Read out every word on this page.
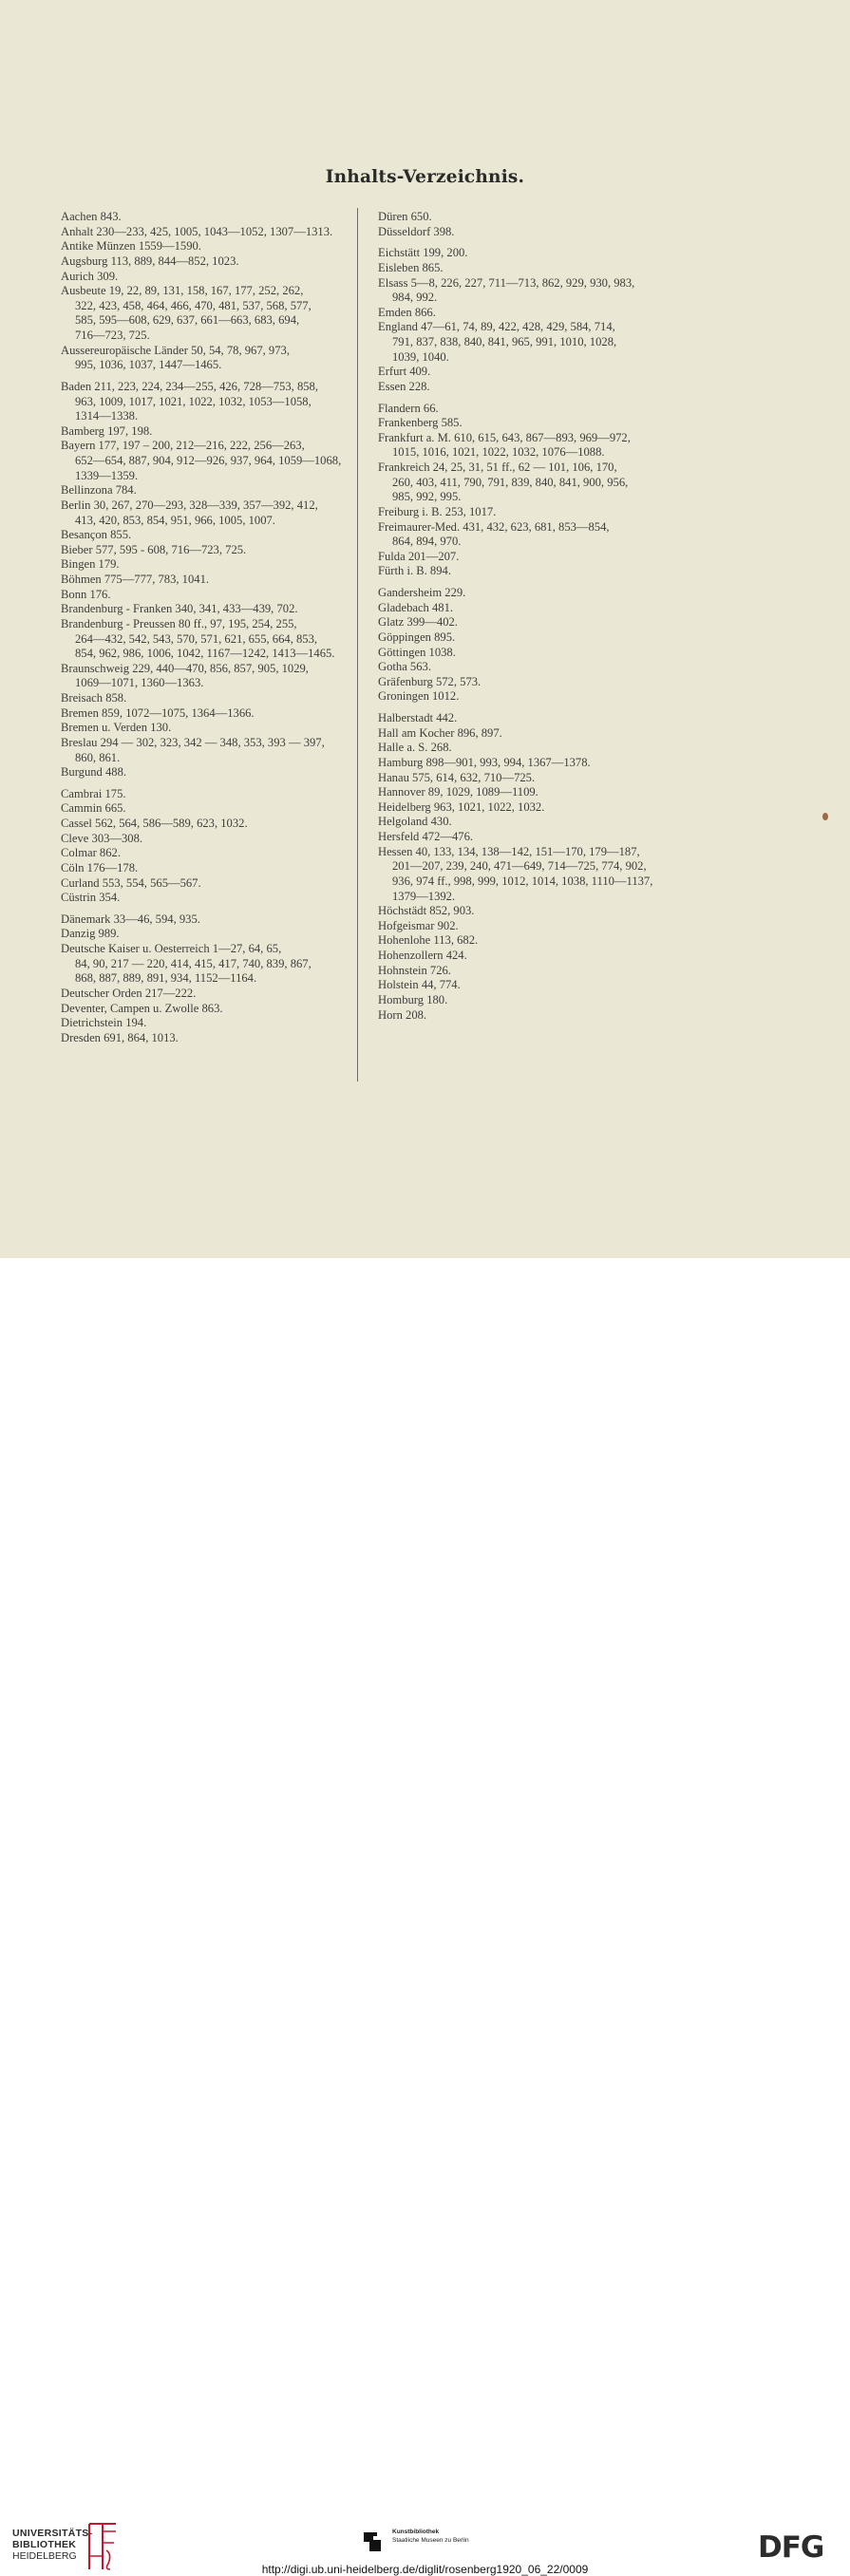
Inhalts-Verzeichnis.
Aachen 843.
Anhalt 230—233, 425, 1005, 1043—1052, 1307—1313.
Antike Münzen 1559—1590.
Augsburg 113, 889, 844—852, 1023.
Aurich 309.
Ausbeute 19, 22, 89, 131, 158, 167, 177, 252, 262,
322, 423, 458, 464, 466, 470, 481, 537, 568, 577,
585, 595—608, 629, 637, 661—663, 683, 694,
716—723, 725.
Aussereuropäische Länder 50, 54, 78, 967, 973,
995, 1036, 1037, 1447—1465.
Baden 211, 223, 224, 234—255, 426, 728—753, 858,
963, 1009, 1017, 1021, 1022, 1032, 1053—1058,
1314—1338.
Bamberg 197, 198.
Bayern 177, 197 – 200, 212—216, 222, 256—263,
652—654, 887, 904, 912—926, 937, 964, 1059—1068,
1339—1359.
Bellinzona 784.
Berlin 30, 267, 270—293, 328—339, 357—392, 412,
413, 420, 853, 854, 951, 966, 1005, 1007.
Besançon 855.
Bieber 577, 595 - 608, 716—723, 725.
Bingen 179.
Böhmen 775—777, 783, 1041.
Bonn 176.
Brandenburg - Franken 340, 341, 433—439, 702.
Brandenburg - Preussen 80 ff., 97, 195, 254, 255,
264—432, 542, 543, 570, 571, 621, 655, 664, 853,
854, 962, 986, 1006, 1042, 1167—1242, 1413—1465.
Braunschweig 229, 440—470, 856, 857, 905, 1029,
1069—1071, 1360—1363.
Breisach 858.
Bremen 859, 1072—1075, 1364—1366.
Bremen u. Verden 130.
Breslau 294 — 302, 323, 342 — 348, 353, 393 — 397,
860, 861.
Burgund 488.
Cambrai 175.
Cammin 665.
Cassel 562, 564, 586—589, 623, 1032.
Cleve 303—308.
Colmar 862.
Cöln 176—178.
Curland 553, 554, 565—567.
Cüstrin 354.
Dänemark 33—46, 594, 935.
Danzig 989.
Deutsche Kaiser u. Oesterreich 1—27, 64, 65,
84, 90, 217 — 220, 414, 415, 417, 740, 839, 867,
868, 887, 889, 891, 934, 1152—1164.
Deutscher Orden 217—222.
Deventer, Campen u. Zwolle 863.
Dietrichstein 194.
Dresden 691, 864, 1013.
Düren 650.
Düsseldorf 398.
Eichstätt 199, 200.
Eisleben 865.
Elsass 5—8, 226, 227, 711—713, 862, 929, 930, 983,
984, 992.
Emden 866.
England 47—61, 74, 89, 422, 428, 429, 584, 714,
791, 837, 838, 840, 841, 965, 991, 1010, 1028,
1039, 1040.
Erfurt 409.
Essen 228.
Flandern 66.
Frankenberg 585.
Frankfurt a. M. 610, 615, 643, 867—893, 969—972,
1015, 1016, 1021, 1022, 1032, 1076—1088.
Frankreich 24, 25, 31, 51 ff., 62 — 101, 106, 170,
260, 403, 411, 790, 791, 839, 840, 841, 900, 956,
985, 992, 995.
Freiburg i. B. 253, 1017.
Freimaurer-Med. 431, 432, 623, 681, 853—854,
864, 894, 970.
Fulda 201—207.
Fürth i. B. 894.
Gandersheim 229.
Gladebach 481.
Glatz 399—402.
Göppingen 895.
Göttingen 1038.
Gotha 563.
Gräfenburg 572, 573.
Groningen 1012.
Halberstadt 442.
Hall am Kocher 896, 897.
Halle a. S. 268.
Hamburg 898—901, 993, 994, 1367—1378.
Hanau 575, 614, 632, 710—725.
Hannover 89, 1029, 1089—1109.
Heidelberg 963, 1021, 1022, 1032.
Helgoland 430.
Hersfeld 472—476.
Hessen 40, 133, 134, 138—142, 151—170, 179—187,
201—207, 239, 240, 471—649, 714—725, 774, 902,
936, 974 ff., 998, 999, 1012, 1014, 1038, 1110—1137,
1379—1392.
Höchstädt 852, 903.
Hofgeismar 902.
Hohenlohe 113, 682.
Hohenzollern 424.
Hohnstein 726.
Holstein 44, 774.
Homburg 180.
Horn 208.
UNIVERSITÄTS-
BIBLIOTHEK
HEIDELBERG
Kunstbibliothek
Staatliche Museen zu Berlin	DFG
http://digi.ub.uni-heidelberg.de/diglit/rosenberg1920_06_22/0009
